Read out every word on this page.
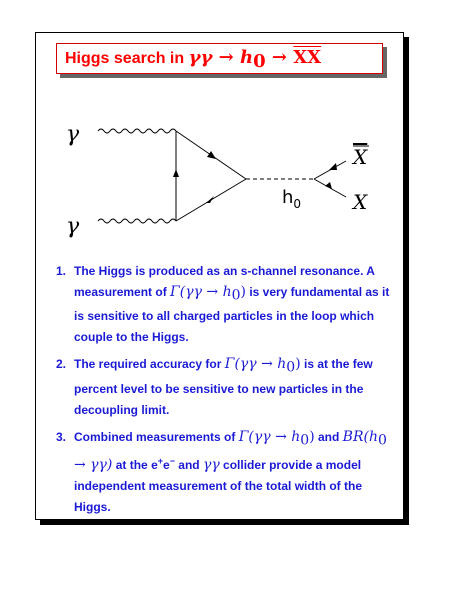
Higgs search in $\gamma\gamma \to h_0 \to \overline{XX}$
γ
γ
$h_0$
X
X
1. The Higgs is produced as an s-channel resonance. A measurement of $\Gamma(\gamma\gamma \to h_0)$ is very fundamental as it is sensitive to all charged particles in the loop which couple to the Higgs.
2. The required accuracy for $\Gamma(\gamma\gamma \to h_0)$ is at the few percent level to be sensitive to new particles in the decoupling limit.
3. Combined measurements of $\Gamma(\gamma\gamma \to h_0)$ and $BR(h_0 \to \gamma\gamma)$ at the e+e− and γγ collider provide a model independent measurement of the total width of the Higgs.
